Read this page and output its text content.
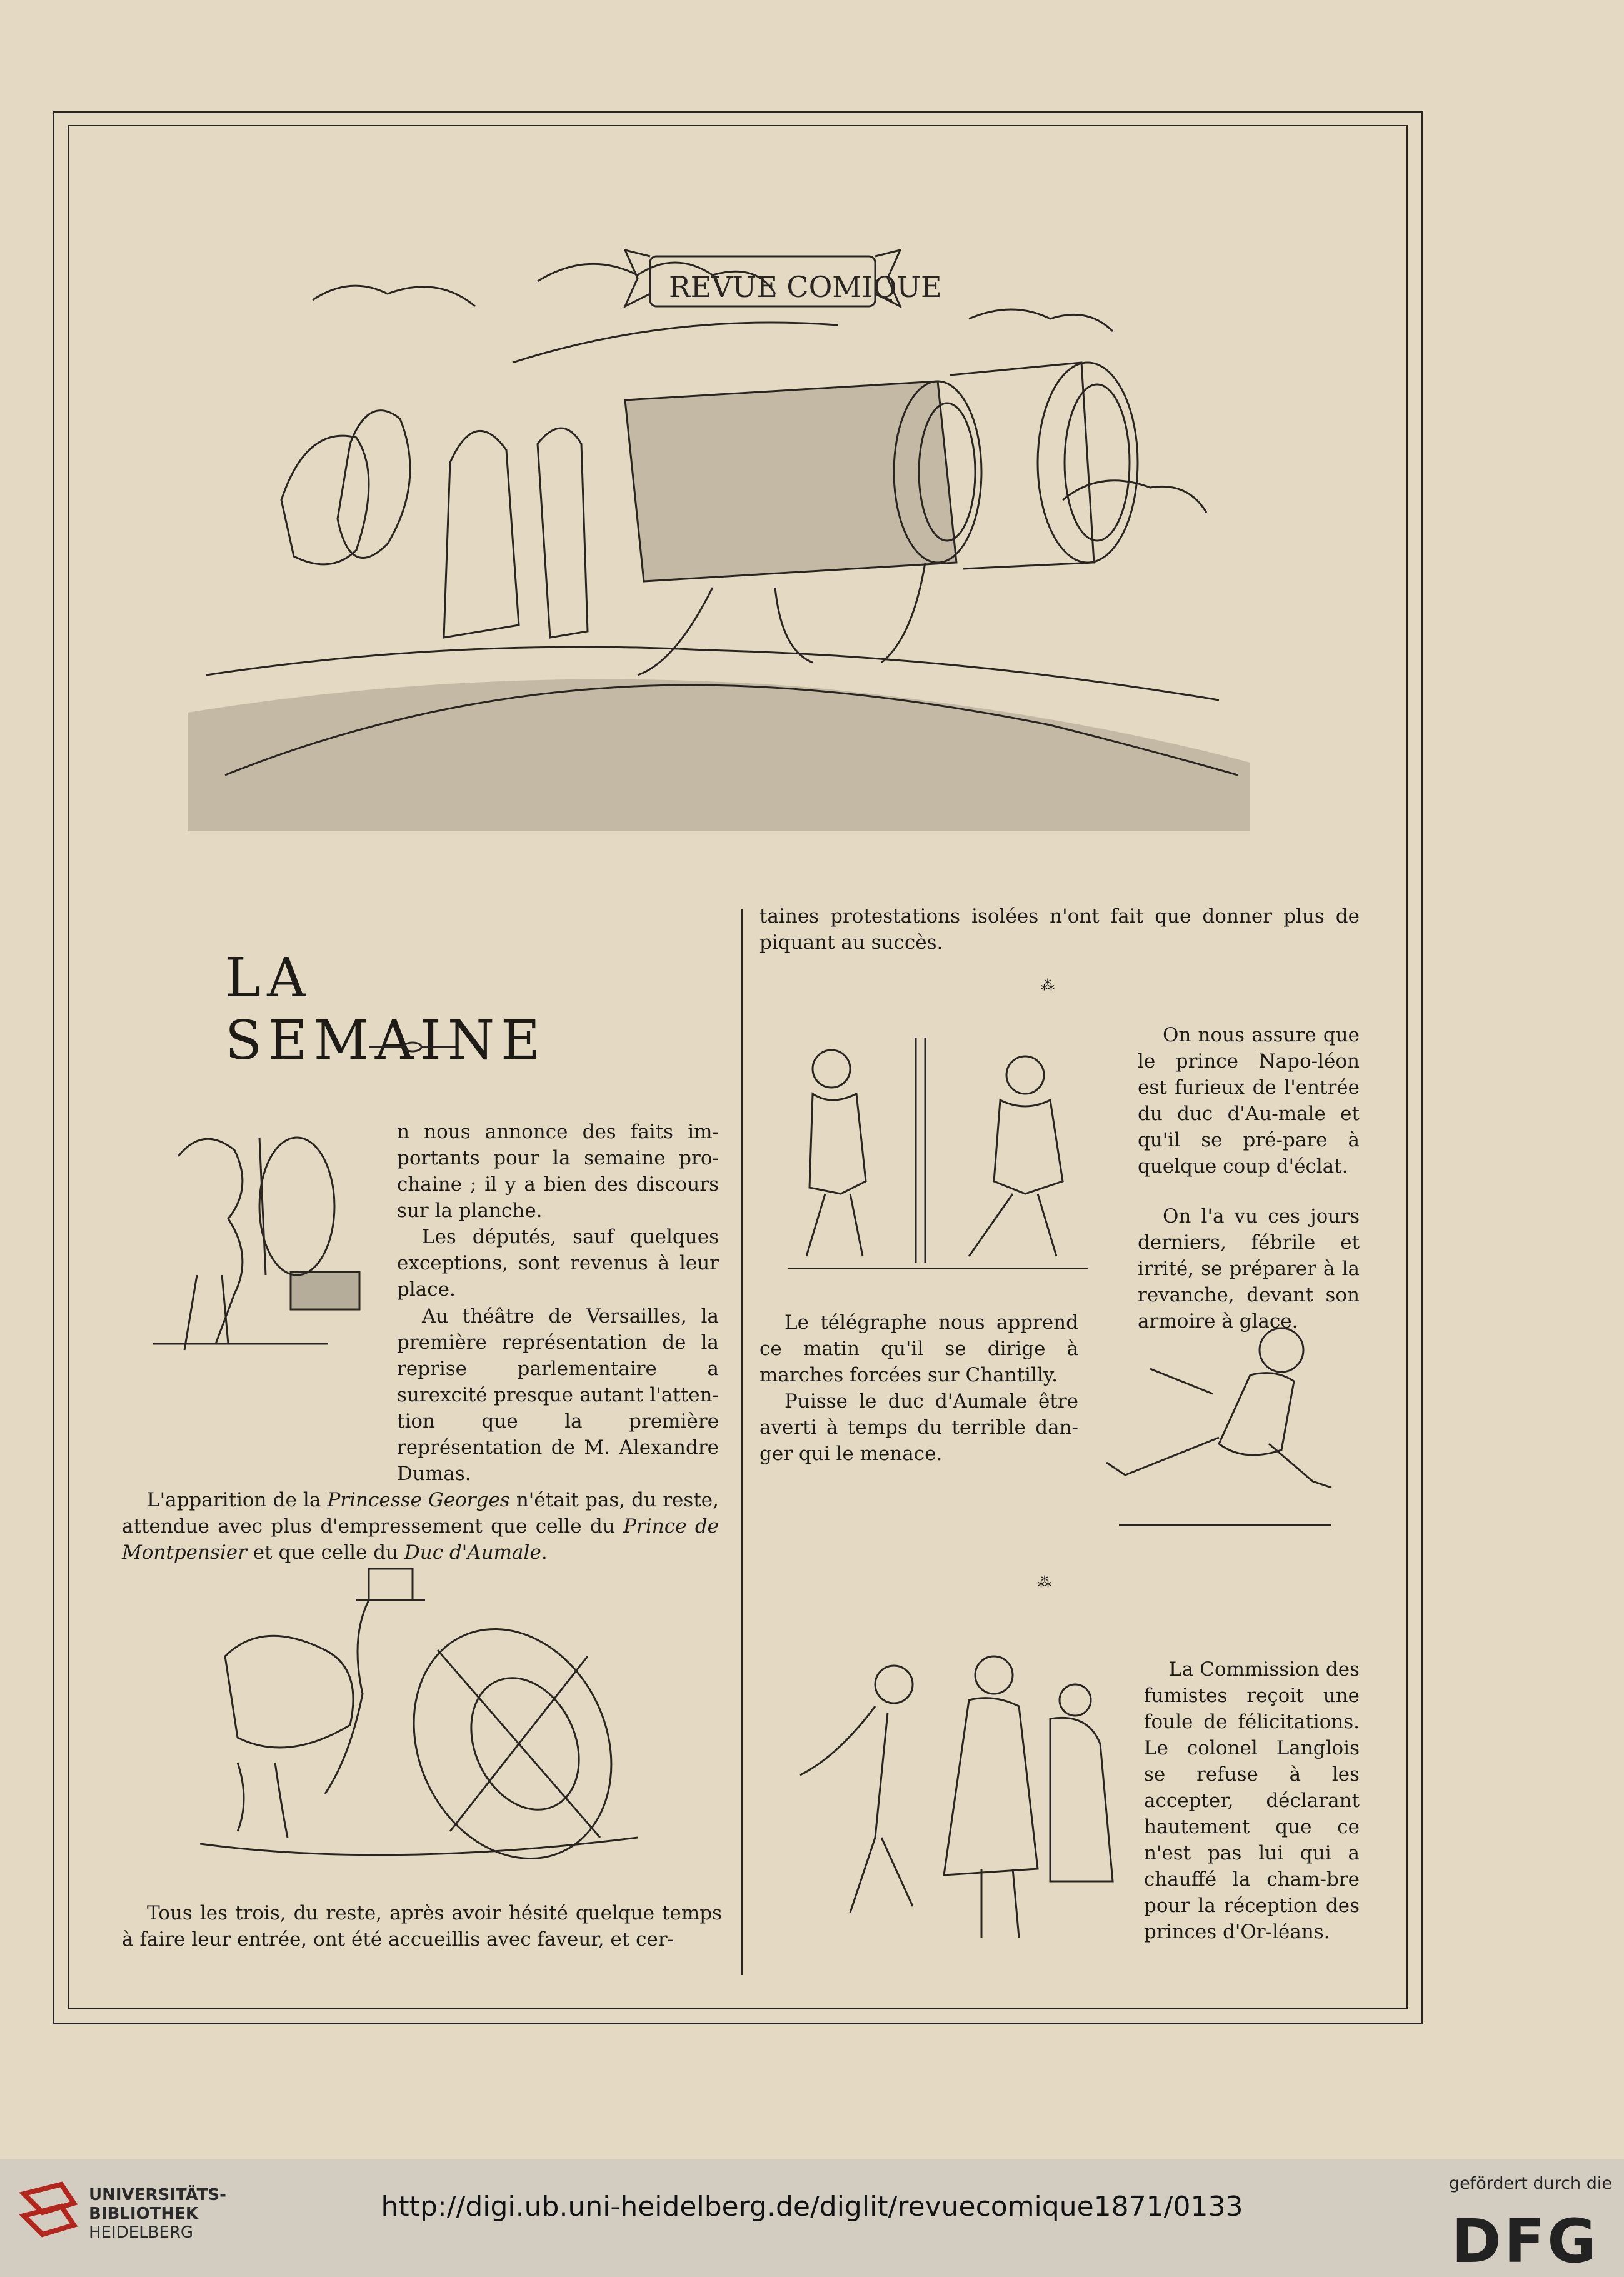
REVUE COMIQUE
LA SEMAINE

n nous annonce des faits im-portants pour la semaine pro-chaine ; il y a bien des discours sur la planche.

Les députés, sauf quelques exceptions, sont revenus à leur place.

Au théâtre de Versailles, la première représentation de la reprise parlementaire a surexcité presque autant l'atten-tion que la première représentation de M. Alexandre Dumas.

L'apparition de la Princesse Georges n'était pas, du reste, attendue avec plus d'empressement que celle du Prince de Montpensier et que celle du Duc d'Aumale.

Tous les trois, du reste, après avoir hésité quelque temps à faire leur entrée, ont été accueillis avec faveur, et cer-

taines protestations isolées n'ont fait que donner plus de piquant au succès.

⁂

On nous assure que le prince Napo-léon est furieux de l'entrée du duc d'Au-male et qu'il se pré-pare à quelque coup d'éclat.

On l'a vu ces jours derniers, fébrile et irrité, se préparer à la revanche, devant son armoire à glace.

Le télégraphe nous apprend ce matin qu'il se dirige à marches forcées sur Chantilly.

Puisse le duc d'Aumale être averti à temps du terrible dan-ger qui le menace.

⁂

La Commission des fumistes reçoit une foule de félicitations. Le colonel Langlois se refuse à les accepter, déclarant hautement que ce n'est pas lui qui a chauffé la cham-bre pour la réception des princes d'Or-léans.

UNIVERSITÄTS-
BIBLIOTHEK
HEIDELBERG
http://digi.ub.uni-heidelberg.de/diglit/revuecomique1871/0133
gefördert durch die
DFG
